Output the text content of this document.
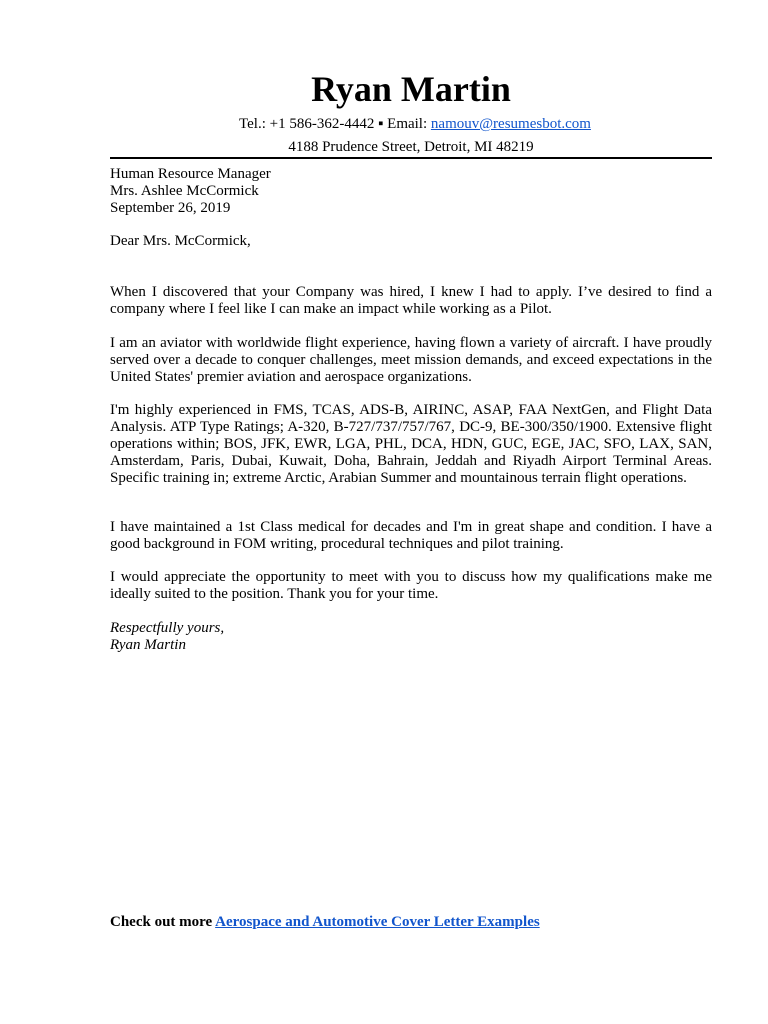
Ryan Martin
Tel.: +1 586-362-4442 ▪ Email: namouv@resumesbot.com
4188 Prudence Street, Detroit, MI 48219
Human Resource Manager
Mrs. Ashlee McCormick
September 26, 2019
Dear Mrs. McCormick,
When I discovered that your Company was hired, I knew I had to apply. I’ve desired to find a company where I feel like I can make an impact while working as a Pilot.
I am an aviator with worldwide flight experience, having flown a variety of aircraft. I have proudly served over a decade to conquer challenges, meet mission demands, and exceed expectations in the United States' premier aviation and aerospace organizations.
I'm highly experienced in FMS, TCAS, ADS-B, AIRINC, ASAP, FAA NextGen, and Flight Data Analysis. ATP Type Ratings; A-320, B-727/737/757/767, DC-9, BE-300/350/1900. Extensive flight operations within; BOS, JFK, EWR, LGA, PHL, DCA, HDN, GUC, EGE, JAC, SFO, LAX, SAN, Amsterdam, Paris, Dubai, Kuwait, Doha, Bahrain, Jeddah and Riyadh Airport Terminal Areas. Specific training in; extreme Arctic, Arabian Summer and mountainous terrain flight operations.
I have maintained a 1st Class medical for decades and I'm in great shape and condition. I have a good background in FOM writing, procedural techniques and pilot training.
I would appreciate the opportunity to meet with you to discuss how my qualifications make me ideally suited to the position. Thank you for your time.
Respectfully yours,
Ryan Martin
Check out more Aerospace and Automotive Cover Letter Examples
